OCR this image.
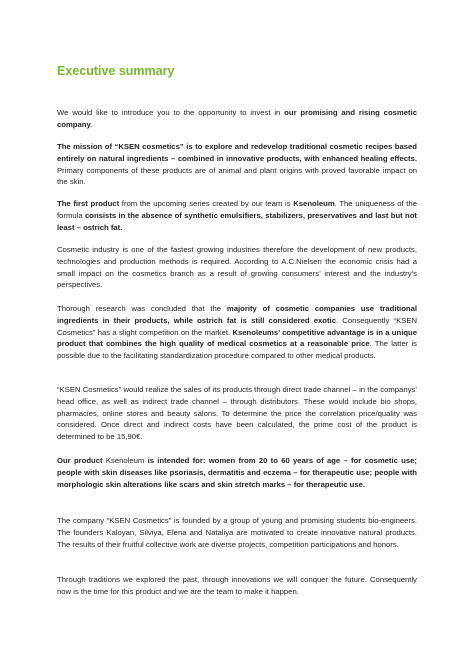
Executive summary

We would like to introduce you to the opportunity to invest in our promising and rising cosmetic company.

The mission of “KSEN cosmetics” is to explore and redevelop traditional cosmetic recipes based entirely on natural ingredients – combined in innovative products, with enhanced healing effects. Primary components of these products are of animal and plant origins with proved favorable impact on the skin.

The first product from the upcoming series created by our team is Ksenoleum. The uniqueness of the formula consists in the absence of synthetic emulsifiers, stabilizers, preservatives and last but not least – ostrich fat.

Cosmetic industry is one of the fastest growing industries therefore the development of new products, technologies and production methods is required. According to A.C.Nielsen the economic crisis had a small impact on the cosmetics branch as a result of growing consumers’ interest and the industry’s perspectives.

Thorough research was concluded that the majority of cosmetic companies use traditional ingredients in their products, while ostrich fat is still considered exotic. Consequently “KSEN Cosmetics” has a slight competition on the market. Ksenoleums’ competitive advantage is in a unique product that combines the high quality of medical cosmetics at a reasonable price. The latter is possible due to the facilitating standardization procedure compared to other medical products.

“KSEN Cosmetics” would realize the sales of its products through direct trade channel – in the companys’ head office, as well as indirect trade channel – through distributors. These would include bio shops, pharmacies, online stores and beauty salons. To determine the price the correlation price/quality was considered. Once direct and indirect costs have been calculated, the prime cost of the product is determined to be 15,90€.

Our product Ksenoleum is intended for: women from 20 to 60 years of age – for cosmetic use; people with skin diseases like psoriasis, dermatitis and eczema – for therapeutic use; people with morphologic skin alterations like scars and skin stretch marks – for therapeutic use.

The company “KSEN Cosmetics” is founded by a group of young and promising students bio-engineers. The founders Kaloyan, Silviya, Elena and Nataliya are motivated to create innovative natural products. The results of their fruitful collective work are diverse projects, competition participations and honors.

Through traditions we explored the past, through innovations we will conquer the future. Consequently now is the time for this product and we are the team to make it happen.
